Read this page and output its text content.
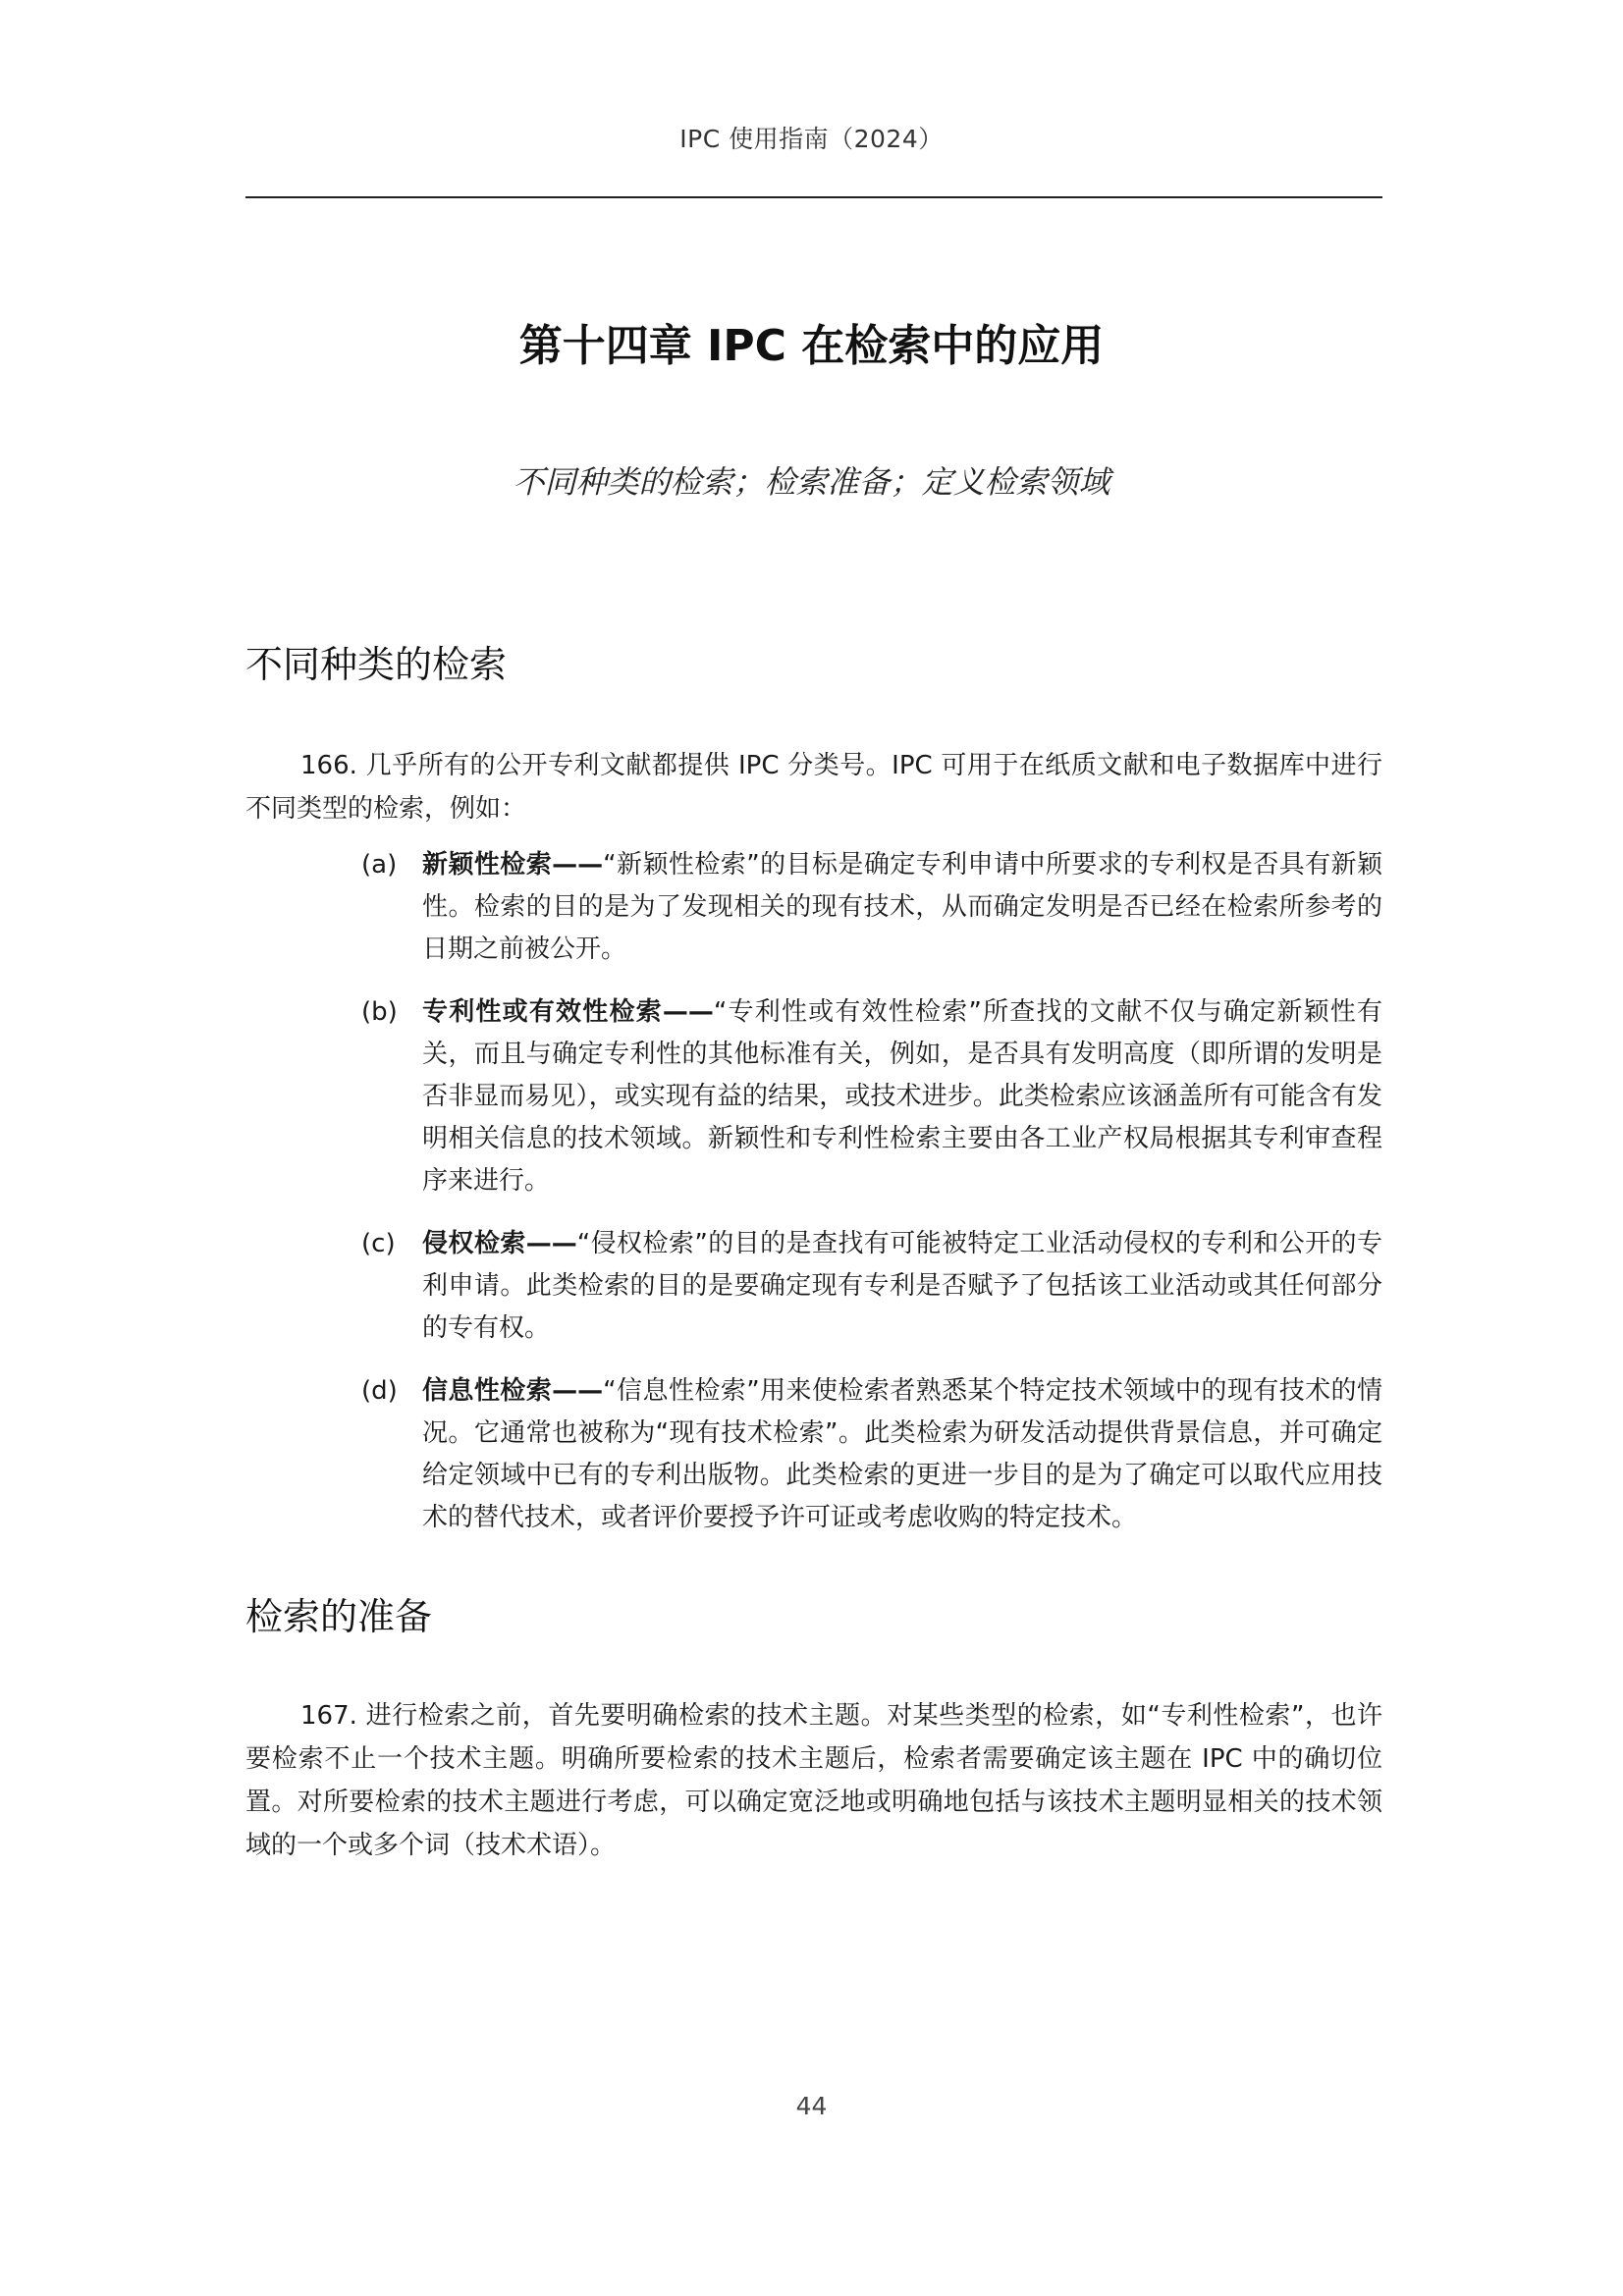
IPC 使用指南（2024）
第十四章 IPC 在检索中的应用
不同种类的检索；检索准备；定义检索领域
不同种类的检索

166. 几乎所有的公开专利文献都提供 IPC 分类号。IPC 可用于在纸质文献和电子数据库中进行不同类型的检索，例如：

(a) 新颖性检索——“新颖性检索”的目标是确定专利申请中所要求的专利权是否具有新颖性。检索的目的是为了发现相关的现有技术，从而确定发明是否已经在检索所参考的日期之前被公开。
(b) 专利性或有效性检索——“专利性或有效性检索”所查找的文献不仅与确定新颖性有关，而且与确定专利性的其他标准有关，例如，是否具有发明高度（即所谓的发明是否非显而易见），或实现有益的结果，或技术进步。此类检索应该涵盖所有可能含有发明相关信息的技术领域。新颖性和专利性检索主要由各工业产权局根据其专利审查程序来进行。
(c) 侵权检索——“侵权检索”的目的是查找有可能被特定工业活动侵权的专利和公开的专利申请。此类检索的目的是要确定现有专利是否赋予了包括该工业活动或其任何部分的专有权。
(d) 信息性检索——“信息性检索”用来使检索者熟悉某个特定技术领域中的现有技术的情况。它通常也被称为“现有技术检索”。此类检索为研发活动提供背景信息，并可确定给定领域中已有的专利出版物。此类检索的更进一步目的是为了确定可以取代应用技术的替代技术，或者评价要授予许可证或考虑收购的特定技术。
检索的准备

167. 进行检索之前，首先要明确检索的技术主题。对某些类型的检索，如“专利性检索”，也许要检索不止一个技术主题。明确所要检索的技术主题后，检索者需要确定该主题在 IPC 中的确切位置。对所要检索的技术主题进行考虑，可以确定宽泛地或明确地包括与该技术主题明显相关的技术领域的一个或多个词（技术术语）。

44
